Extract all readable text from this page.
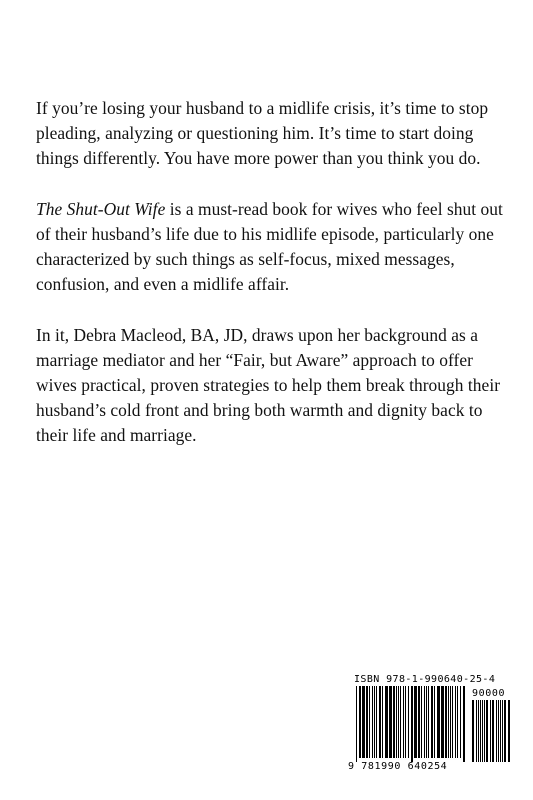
If you’re losing your husband to a midlife crisis, it’s time to stop pleading, analyzing or questioning him. It’s time to start doing things differently. You have more power than you think you do.

The Shut-Out Wife is a must-read book for wives who feel shut out of their husband’s life due to his midlife episode, particularly one characterized by such things as self-focus, mixed messages, confusion, and even a midlife affair.

In it, Debra Macleod, BA, JD, draws upon her background as a marriage mediator and her “Fair, but Aware” approach to offer wives practical, proven strategies to help them break through their husband’s cold front and bring both warmth and dignity back to their life and marriage.

ISBN 978-1-990640-25-4
90000
9 781990 640254
